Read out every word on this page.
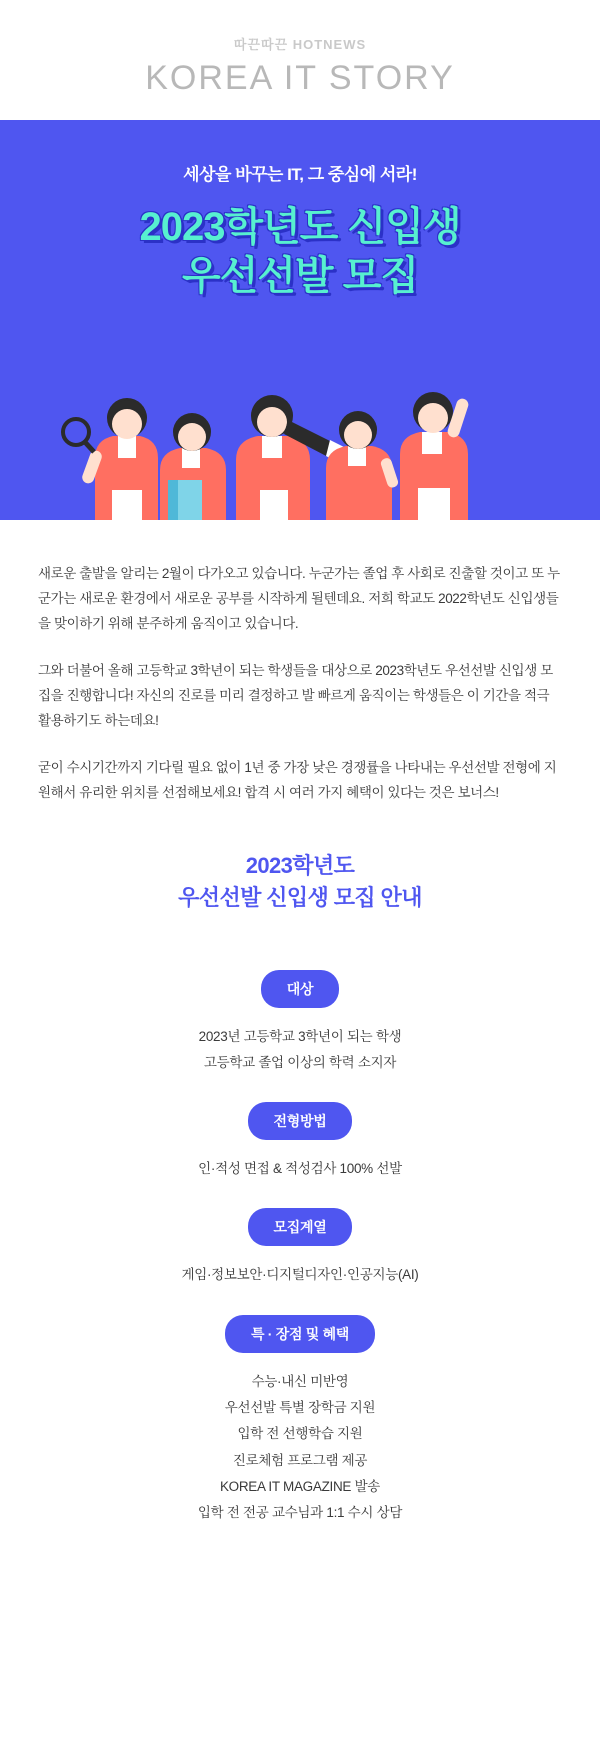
따끈따끈 HOTNEWS
KOREA IT STORY
세상을 바꾸는 IT, 그 중심에 서라!
2023학년도 신입생
우선선발 모집

새로운 출발을 알리는 2월이 다가오고 있습니다. 누군가는 졸업 후 사회로 진출할 것이고 또 누군가는 새로운 환경에서 새로운 공부를 시작하게 될텐데요. 저희 학교도 2022학년도 신입생들을 맞이하기 위해 분주하게 움직이고 있습니다.

그와 더불어 올해 고등학교 3학년이 되는 학생들을 대상으로 2023학년도 우선선발 신입생 모집을 진행합니다! 자신의 진로를 미리 결정하고 발 빠르게 움직이는 학생들은 이 기간을 적극 활용하기도 하는데요!

굳이 수시기간까지 기다릴 필요 없이 1년 중 가장 낮은 경쟁률을 나타내는 우선선발 전형에 지원해서 유리한 위치를 선점해보세요! 합격 시 여러 가지 혜택이 있다는 것은 보너스!

2023학년도
우선선발 신입생 모집 안내
대상
2023년 고등학교 3학년이 되는 학생
고등학교 졸업 이상의 학력 소지자
전형방법
인·적성 면접 & 적성검사 100% 선발
모집계열
게임·정보보안·디지털디자인·인공지능(AI)
특 · 장점 및 혜택
수능·내신 미반영
우선선발 특별 장학금 지원
입학 전 선행학습 지원
진로체험 프로그램 제공
KOREA IT MAGAZINE 발송
입학 전 전공 교수님과 1:1 수시 상담
